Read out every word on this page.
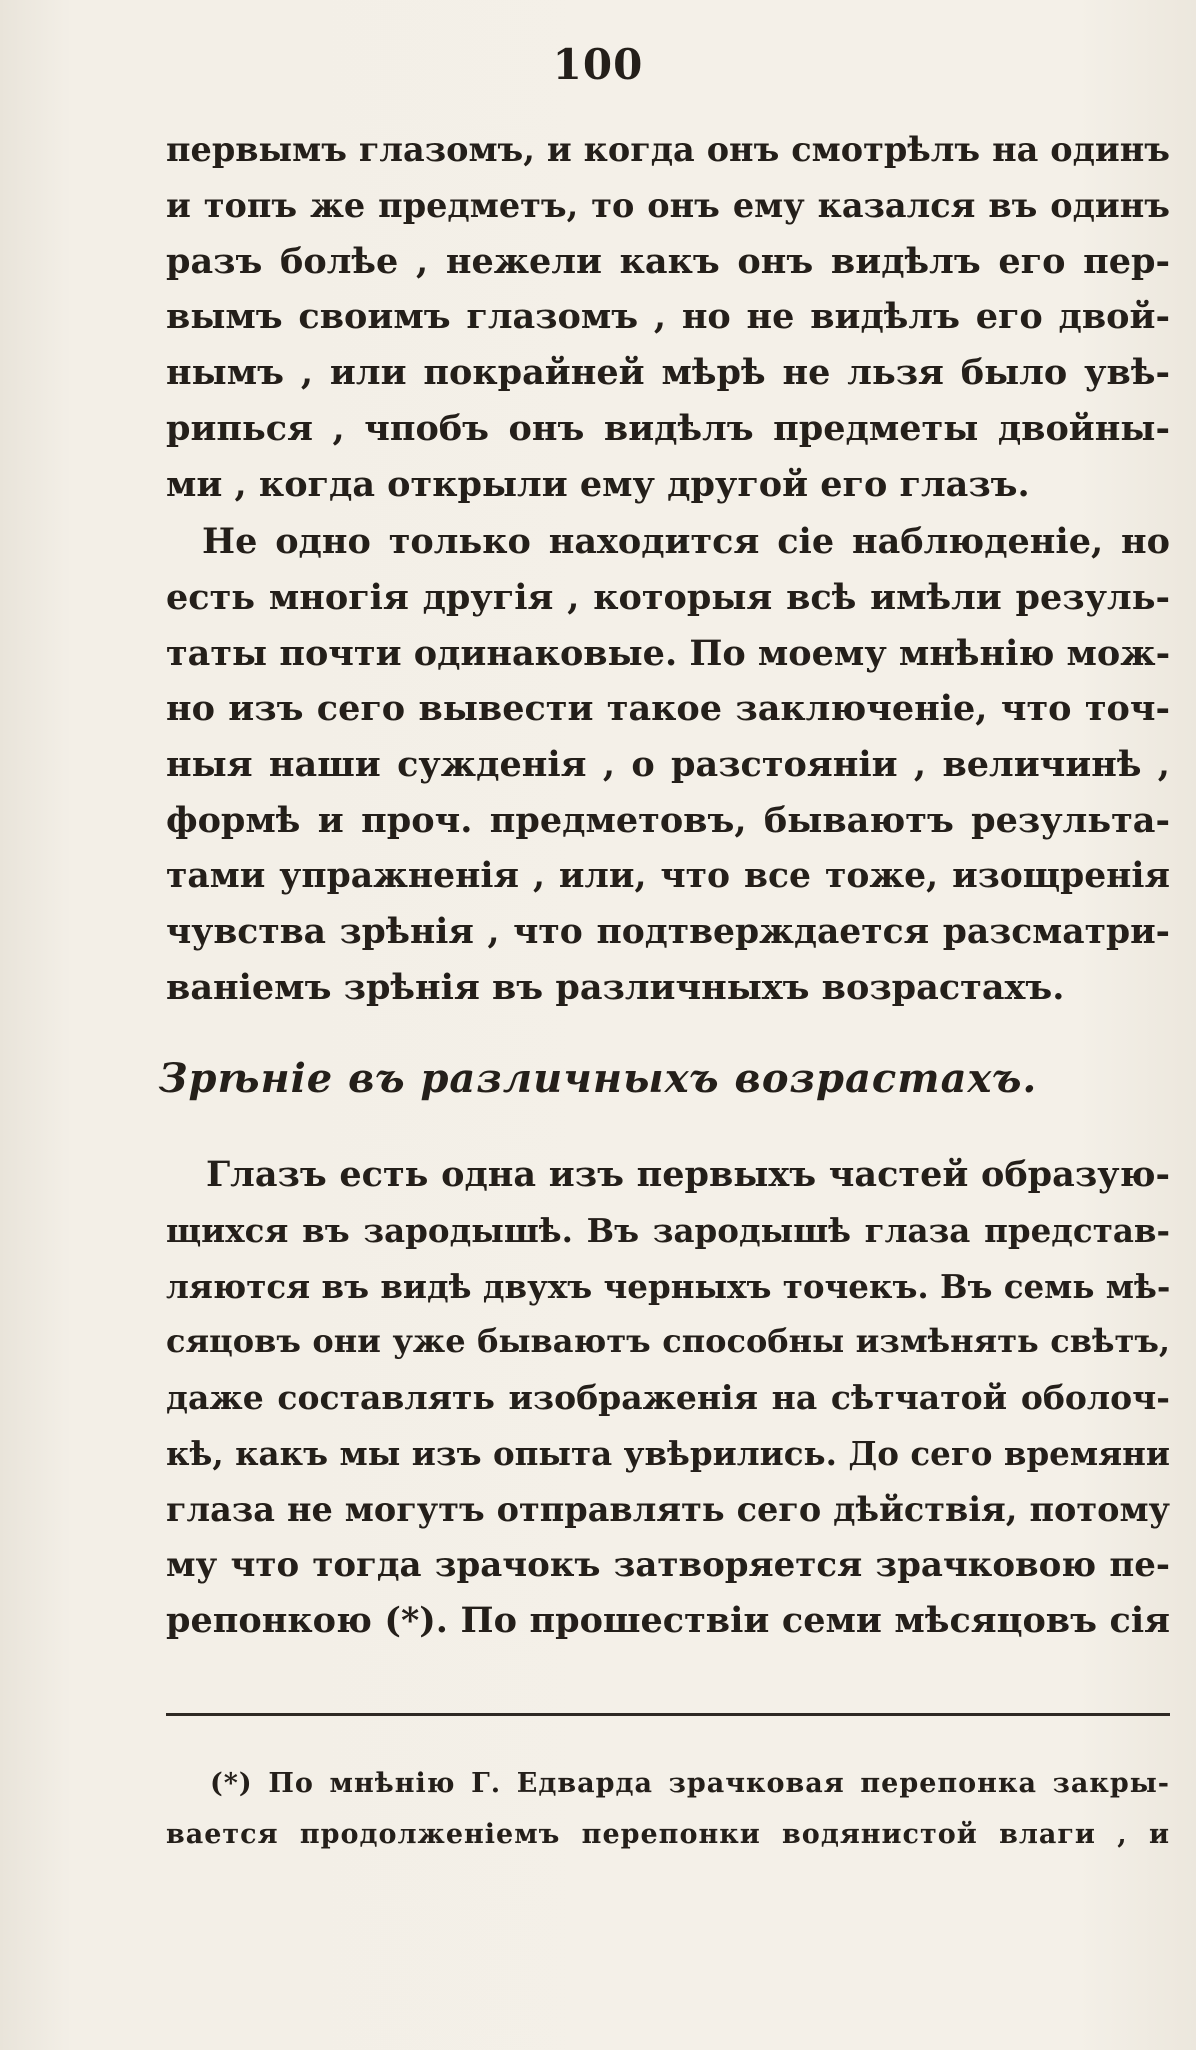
100
первымъ глазомъ, и когда онъ смотрѣлъ на одинъ
и топъ же предметъ, то онъ ему казался въ одинъ
разъ болѣе , нежели какъ онъ видѣлъ его пер-
вымъ своимъ глазомъ , но не видѣлъ его двой-
нымъ , или покрайней мѣрѣ не льзя было увѣ-
рипься , чпобъ онъ видѣлъ предметы двойны-
ми , когда открыли ему другой его глазъ.
Не одно только находится сіе наблюденіе, но
есть многія другія , которыя всѣ имѣли резуль-
таты почти одинаковые. По моему мнѣнію мож-
но изъ сего вывести такое заключеніе, что точ-
ныя наши сужденія , о разстояніи , величинѣ ,
формѣ и проч. предметовъ, бываютъ результа-
тами упражненія , или, что все тоже, изощренія
чувства зрѣнія , что подтверждается разсматри-
ваніемъ зрѣнія въ различныхъ возрастахъ.
Зрѣніе въ различныхъ возрастахъ.
Глазъ есть одна изъ первыхъ частей образую-
щихся въ зародышѣ. Въ зародышѣ глаза предстaв-
ляются въ видѣ двухъ черныхъ точекъ. Въ семь мѣ-
сяцовъ они уже бываютъ способны измѣнять свѣтъ,
даже составлять изображенія на сѣтчатой оболоч-
кѣ, какъ мы изъ опыта увѣрились. До сего времяни
глаза не могутъ отправлять сего дѣйствія, потому
му что тогда зрачокъ затворяется зрачковою пе-
репонкою (*). По прошествіи семи мѣсяцовъ сія
(*) По мнѣнію Г. Едварда зрачковая перепонка закры-
вается продолженіемъ перепонки водянистой влаги , и
